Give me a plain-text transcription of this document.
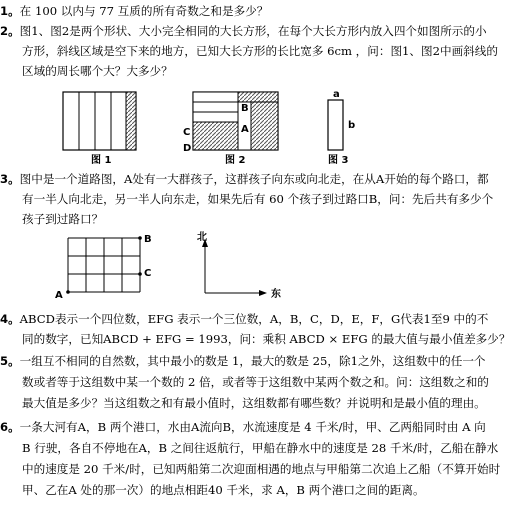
1。在 100 以内与 77 互质的所有奇数之和是多少？
2。图1、图2是两个形状、大小完全相同的大长方形，在每个大长方形内放入四个如图所示的小
方形，斜线区域是空下来的地方，已知大长方形的长比宽多 6cm ，问：图1、图2中画斜线的
区域的周长哪个大？大多少？
图 1
B
C	A
D
图 2
a
b
图 3
3。图中是一个道路图，A处有一大群孩子，这群孩子向东或向北走，在从A开始的每个路口，都
有一半人向北走，另一半人向东走，如果先后有 60 个孩子到过路口B，问：先后共有多少个
孩子到过路口？
B
C
A
北
东
4。ABCD表示一个四位数，EFG 表示一个三位数，A，B，C，D，E，F，G代表1至9 中的不
同的数字，已知ABCD + EFG = 1993，问：乘积 ABCD × EFG 的最大值与最小值差多少？
5。一组互不相同的自然数，其中最小的数是 1，最大的数是 25，除1之外，这组数中的任一个
数或者等于这组数中某一个数的 2 倍，或者等于这组数中某两个数之和。问：这组数之和的
最大值是多少？当这组数之和有最小值时，这组数都有哪些数？并说明和是最小值的理由。
6。一条大河有A，B 两个港口，水由A流向B，水流速度是 4 千米/时，甲、乙两船同时由 A 向
B 行驶，各自不停地在A，B 之间往返航行，甲船在静水中的速度是 28 千米/时，乙船在静水
中的速度是 20 千米/时，已知两船第二次迎面相遇的地点与甲船第二次追上乙船（不算开始时
甲、乙在A 处的那一次）的地点相距40 千米，求 A，B 两个港口之间的距离。
